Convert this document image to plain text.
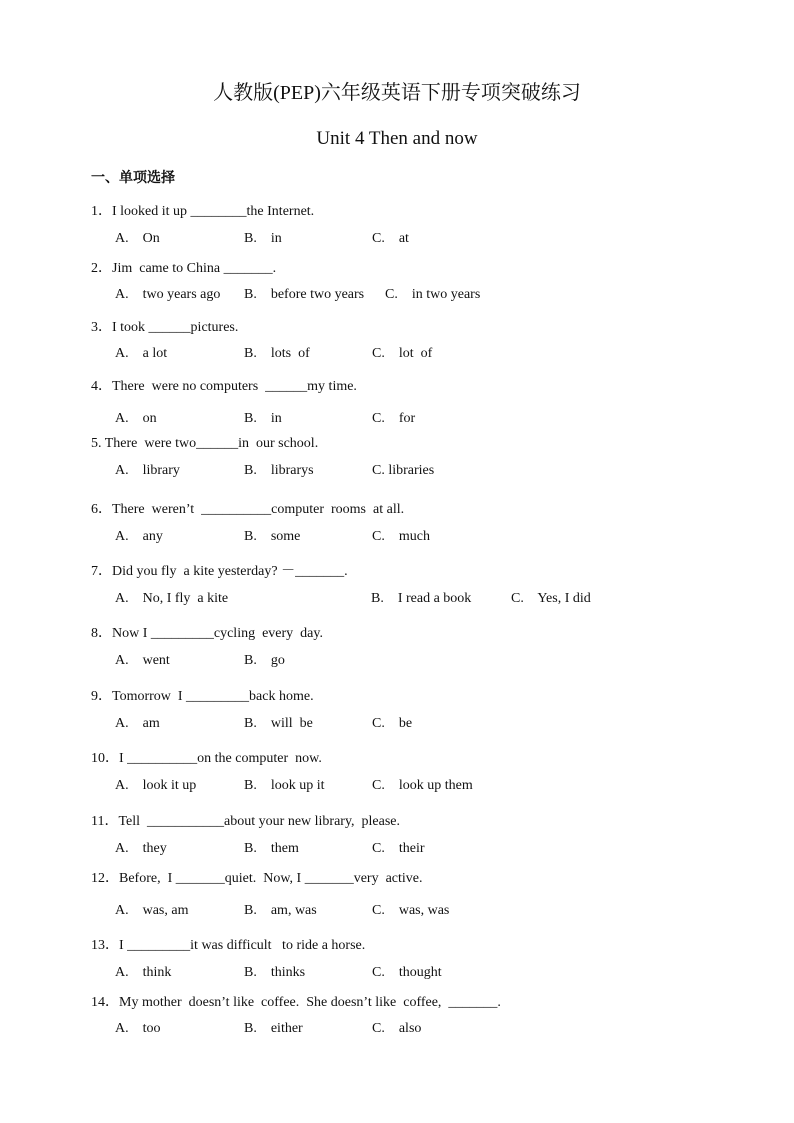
人教版(PEP)六年级英语下册专项突破练习
Unit 4 Then and now
一、单项选择
1．I looked it up ________the Internet.
A.    On	B.    in	C.    at
2．Jim  came to China _______.
A.    two years ago B.    before two years C.    in two years
3．I took ______pictures.
A.    a lot	B.    lots  of	C.    lot  of
4．There  were no computers  ______my time.
A.    on	B.    in	C.    for
5. There  were two______in  our school.
A.    library	B.    librarys	C. libraries
6．There  weren’t  __________computer  rooms  at all.
A.    any	B.    some	C.    much
7．Did you fly  a kite yesterday? －_______.
A.    No, I fly  a kite	B.    I read a book	C.    Yes, I did
8．Now I _________cycling  every  day.
A.    went	B.    go
9．Tomorrow  I _________back home.
A.    am	B.    will  be	C.    be
10．I __________on the computer  now.
A.    look it up	B.    look up it	C.    look up them
11．Tell  ___________about your new library,  please.
A.    they	B.    them	C.    their
12．Before,  I _______quiet.  Now, I _______very  active.
A.    was, am	B.    am, was	C.    was, was
13．I _________it was difficult   to ride a horse.
A.    think	B.    thinks	C.    thought
14．My mother  doesn’t like  coffee.  She doesn’t like  coffee,  _______.
A.    too	B.    either	C.    also
